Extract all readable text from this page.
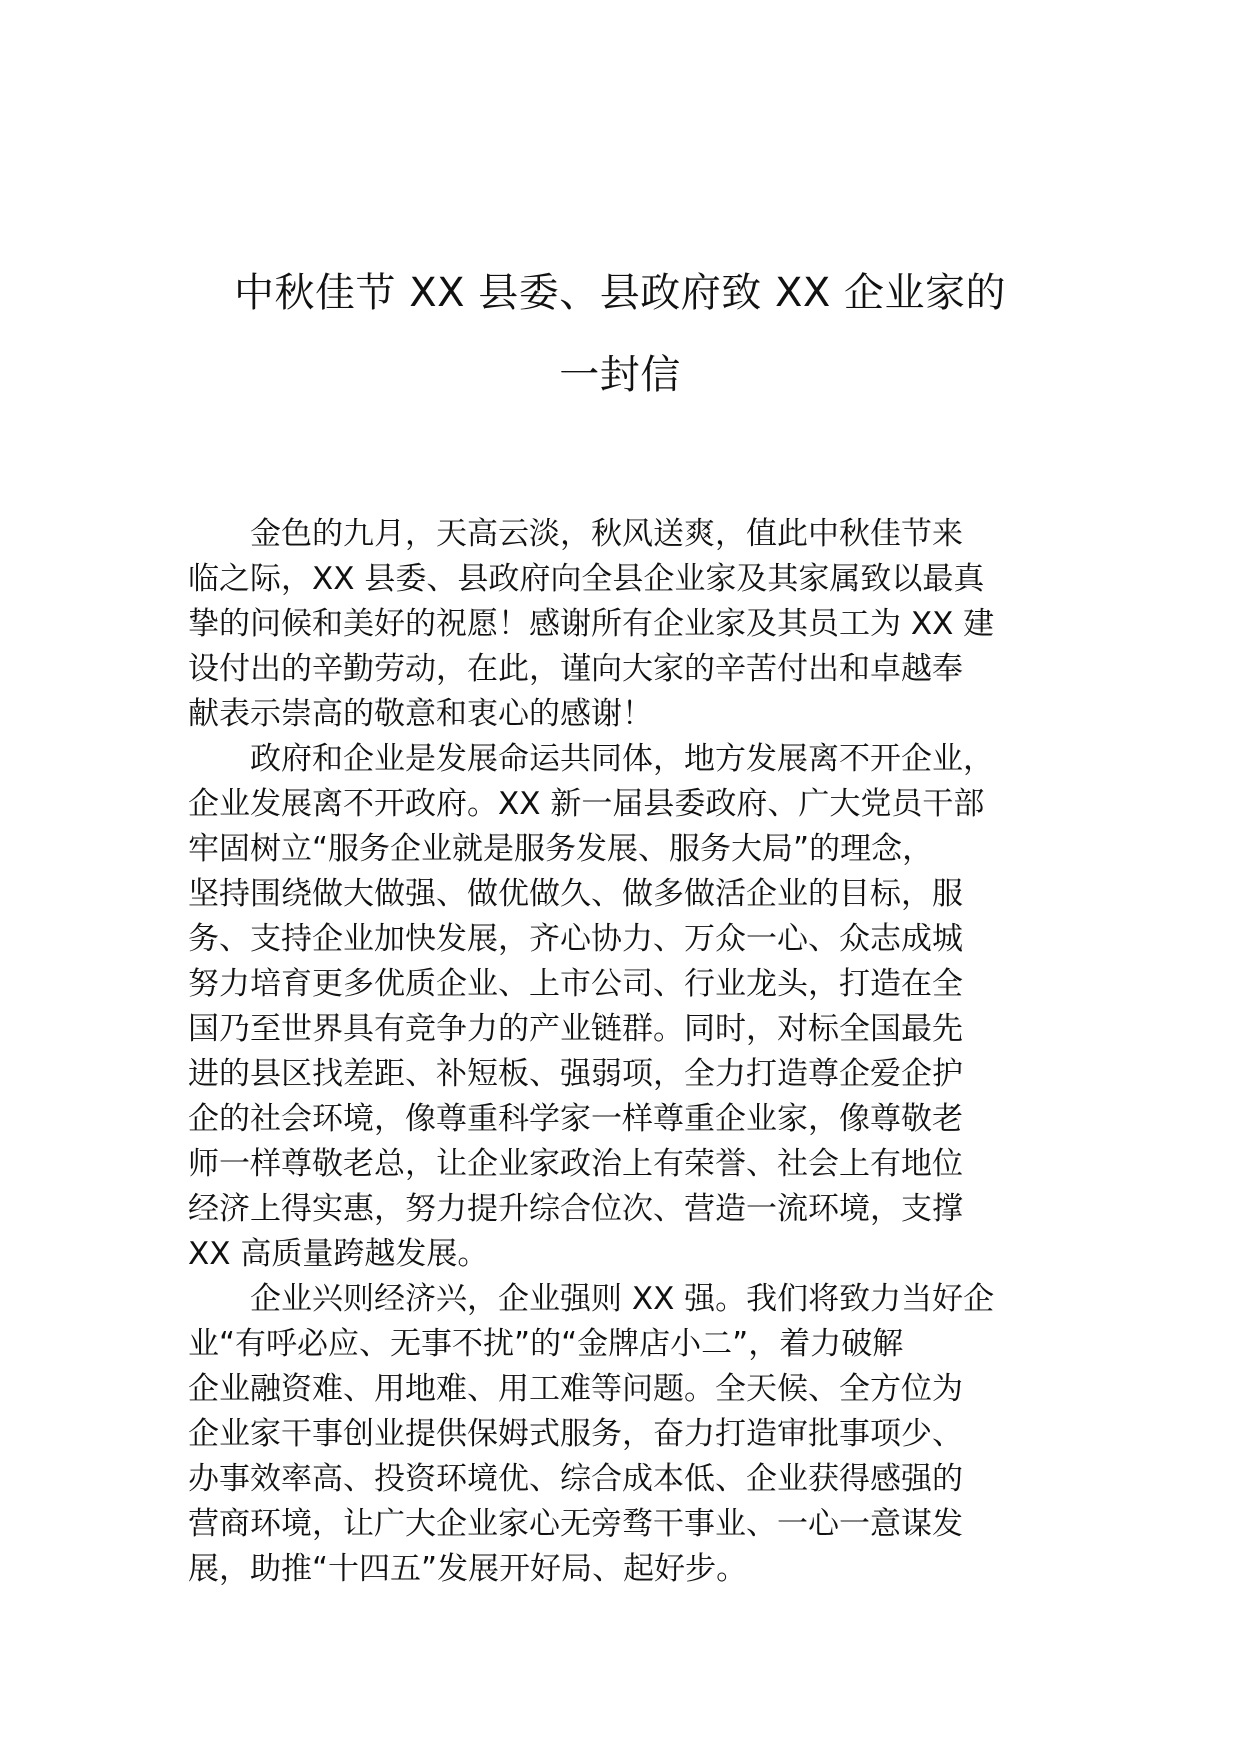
中秋佳节 XX 县委、县政府致 XX 企业家的
一封信

金色的九月，天高云淡，秋风送爽，值此中秋佳节来
临之际，XX 县委、县政府向全县企业家及其家属致以最真
挚的问候和美好的祝愿！感谢所有企业家及其员工为 XX 建
设付出的辛勤劳动，在此，谨向大家的辛苦付出和卓越奉
献表示崇高的敬意和衷心的感谢！

政府和企业是发展命运共同体，地方发展离不开企业，
企业发展离不开政府。XX 新一届县委政府、广大党员干部
牢固树立“服务企业就是服务发展、服务大局”的理念，
坚持围绕做大做强、做优做久、做多做活企业的目标，服
务、支持企业加快发展，齐心协力、万众一心、众志成城
努力培育更多优质企业、上市公司、行业龙头，打造在全
国乃至世界具有竞争力的产业链群。同时，对标全国最先
进的县区找差距、补短板、强弱项，全力打造尊企爱企护
企的社会环境，像尊重科学家一样尊重企业家，像尊敬老
师一样尊敬老总，让企业家政治上有荣誉、社会上有地位
经济上得实惠，努力提升综合位次、营造一流环境，支撑
XX 高质量跨越发展。

企业兴则经济兴，企业强则 XX 强。我们将致力当好企
业“有呼必应、无事不扰”的“金牌店小二”，着力破解
企业融资难、用地难、用工难等问题。全天候、全方位为
企业家干事创业提供保姆式服务，奋力打造审批事项少、
办事效率高、投资环境优、综合成本低、企业获得感强的
营商环境，让广大企业家心无旁骛干事业、一心一意谋发
展，助推“十四五”发展开好局、起好步。
